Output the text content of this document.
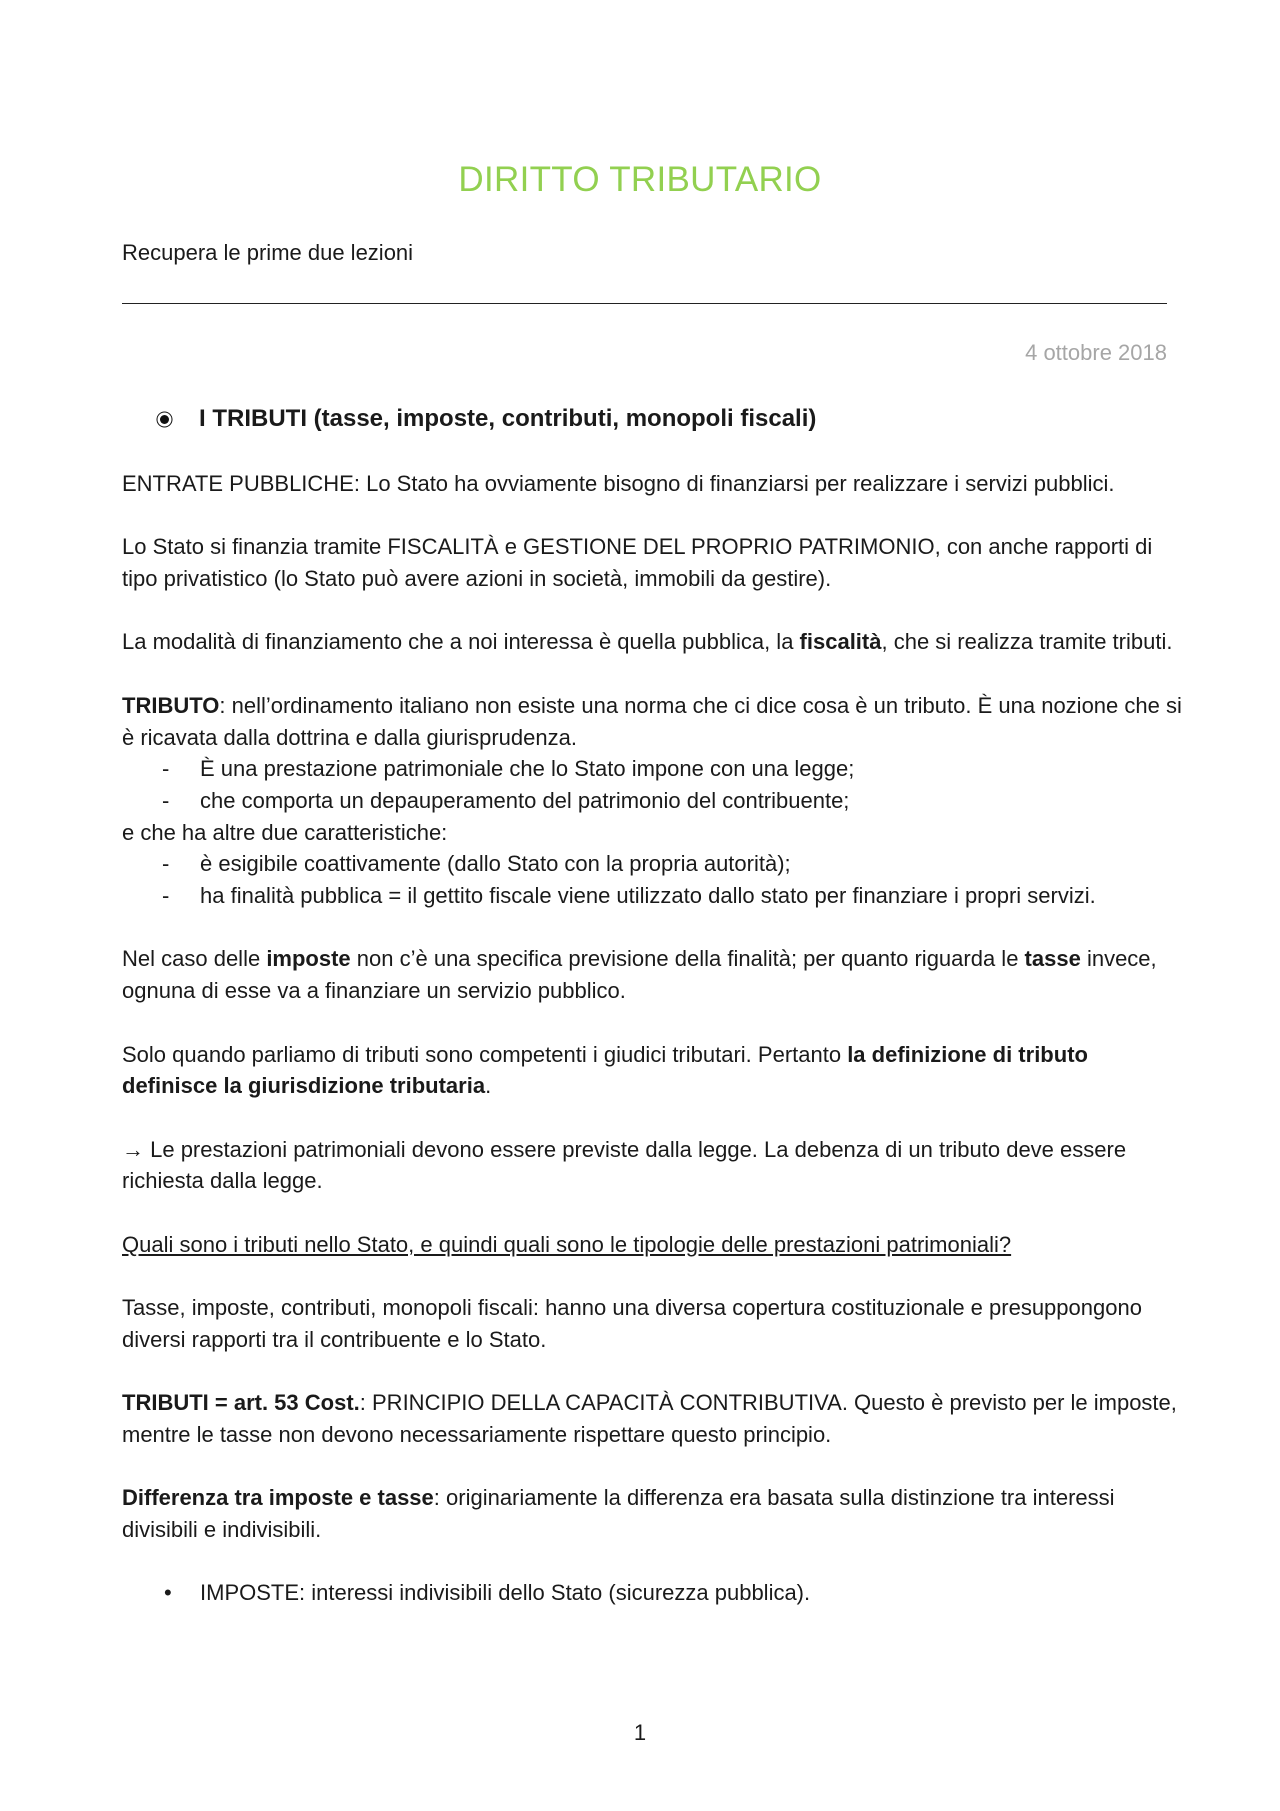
DIRITTO TRIBUTARIO
Recupera le prime due lezioni
4 ottobre 2018
I TRIBUTI (tasse, imposte, contributi, monopoli fiscali)

ENTRATE PUBBLICHE: Lo Stato ha ovviamente bisogno di finanziarsi per realizzare i servizi pubblici.

Lo Stato si finanzia tramite FISCALITÀ e GESTIONE DEL PROPRIO PATRIMONIO, con anche rapporti di tipo privatistico (lo Stato può avere azioni in società, immobili da gestire).

La modalità di finanziamento che a noi interessa è quella pubblica, la fiscalità, che si realizza tramite tributi.

TRIBUTO: nell’ordinamento italiano non esiste una norma che ci dice cosa è un tributo. È una nozione che si è ricavata dalla dottrina e dalla giurisprudenza.

- È una prestazione patrimoniale che lo Stato impone con una legge;
- che comporta un depauperamento del patrimonio del contribuente;

e che ha altre due caratteristiche:

- è esigibile coattivamente (dallo Stato con la propria autorità);
- ha finalità pubblica = il gettito fiscale viene utilizzato dallo stato per finanziare i propri servizi.

Nel caso delle imposte non c’è una specifica previsione della finalità; per quanto riguarda le tasse invece, ognuna di esse va a finanziare un servizio pubblico.

Solo quando parliamo di tributi sono competenti i giudici tributari. Pertanto la definizione di tributo definisce la giurisdizione tributaria.

→ Le prestazioni patrimoniali devono essere previste dalla legge. La debenza di un tributo deve essere richiesta dalla legge.

Quali sono i tributi nello Stato, e quindi quali sono le tipologie delle prestazioni patrimoniali?

Tasse, imposte, contributi, monopoli fiscali: hanno una diversa copertura costituzionale e presuppongono diversi rapporti tra il contribuente e lo Stato.

TRIBUTI = art. 53 Cost.: PRINCIPIO DELLA CAPACITÀ CONTRIBUTIVA. Questo è previsto per le imposte, mentre le tasse non devono necessariamente rispettare questo principio.

Differenza tra imposte e tasse: originariamente la differenza era basata sulla distinzione tra interessi divisibili e indivisibili.

• IMPOSTE: interessi indivisibili dello Stato (sicurezza pubblica).
1
